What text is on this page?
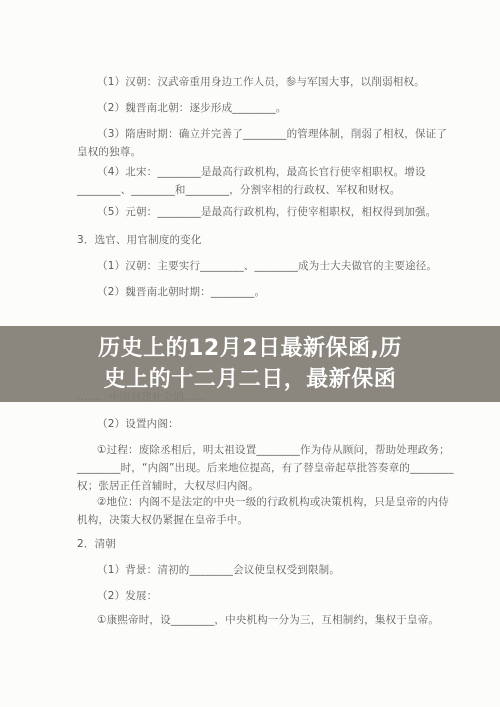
（1）汉朝：汉武帝重用身边工作人员，参与军国大事，以削弱相权。
（2）魏晋南北朝：逐步形成________。
（3）隋唐时期：确立并完善了________的管理体制，削弱了相权，保证了
皇权的独尊。
（4）北宋：________是最高行政机构，最高长官行使宰相职权。增设
________、________和________，分割宰相的行政权、军权和财权。
（5）元朝：________是最高行政机构，行使宰相职权，相权得到加强。
3．选官、用官制度的变化
（1）汉朝：主要实行________、________成为士大夫做官的主要途径。
（2）魏晋南北朝时期：________。
（2）设置内阁：
①过程：废除丞相后，明太祖设置________作为侍从顾问，帮助处理政务；
________时，“内阁”出现。后来地位提高，有了替皇帝起草批答奏章的________
权；张居正任首辅时，大权尽归内阁。
②地位：内阁不是法定的中央一级的行政机构或决策机构，只是皇帝的内侍
机构，决策大权仍紧握在皇帝手中。
2．清朝
（1）背景：清初的________会议使皇权受到限制。
（2）发展：
①康熙帝时，设________，中央机构一分为三，互相制约，集权于皇帝。
历史上的12月2日最新保函,历
史上的十二月二日，最新保函
